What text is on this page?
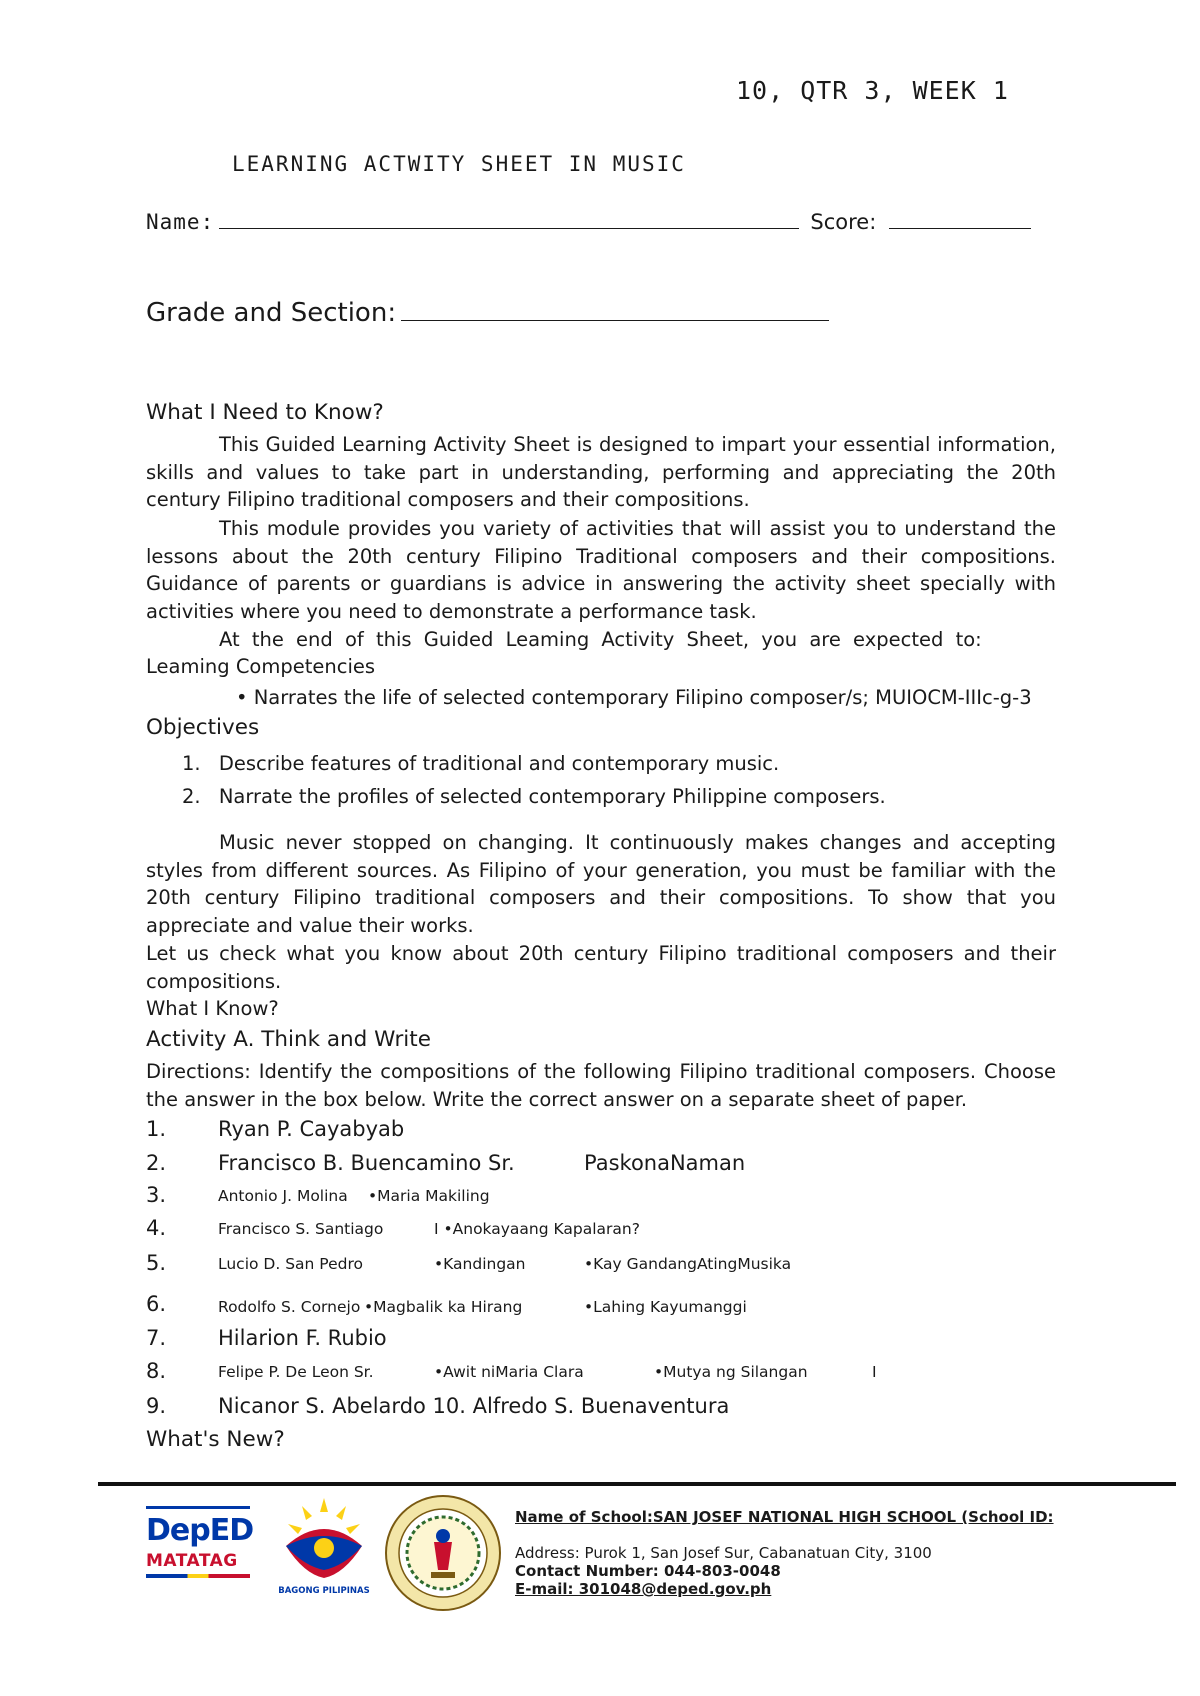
10, QTR 3, WEEK 1
LEARNING ACTWITY SHEET IN MUSIC
Name:	Score:
Grade and Section:
What I Need to Know?
This Guided Learning Activity Sheet is designed to impart your essential information, skills and values to take part in understanding, performing and appreciating the 20th century Filipino traditional composers and their compositions.
This module provides you variety of activities that will assist you to understand the lessons about the 20th century Filipino Traditional composers and their compositions. Guidance of parents or guardians is advice in answering the activity sheet specially with activities where you need to demonstrate a performance task.
At the end of this Guided Leaming Activity Sheet, you are expected to:
Leaming Competencies
• Narrates the life of selected contemporary Filipino composer/s; MUIOCM-IIIc-g-3
Objectives
1. Describe features of traditional and contemporary music.
2. Narrate the profiles of selected contemporary Philippine composers.
Music never stopped on changing. It continuously makes changes and accepting styles from different sources. As Filipino of your generation, you must be familiar with the 20th century Filipino traditional composers and their compositions. To show that you appreciate and value their works.
Let us check what you know about 20th century Filipino traditional composers and their compositions.
What I Know?
Activity A. Think and Write
Directions: Identify the compositions of the following Filipino traditional composers. Choose the answer in the box below. Write the correct answer on a separate sheet of paper.
1. Ryan P. Cayabyab
2. Francisco B. Buencamino Sr.	PaskonaNaman
3.	Antonio J. Molina •Maria Makiling
4.	Francisco S. Santiago	I •Anokayaang Kapalaran?
5.	Lucio D. San Pedro	•Kandingan	•Kay GandangAtingMusika
6.	Rodolfo S. Cornejo •Magbalik ka Hirang	•Lahing Kayumanggi
7. Hilarion F. Rubio
8.	Felipe P. De Leon Sr.	•Awit niMaria Clara	•Mutya ng Silangan	I
9. Nicanor S. Abelardo 10. Alfredo S. Buenaventura
What's New?
DepED
MATATAG
BAGONG PILIPINAS
Name of School:SAN JOSEF NATIONAL HIGH SCHOOL (School ID:
Address: Purok 1, San Josef Sur, Cabanatuan City, 3100
Contact Number: 044-803-0048
E-mail: 301048@deped.gov.ph
